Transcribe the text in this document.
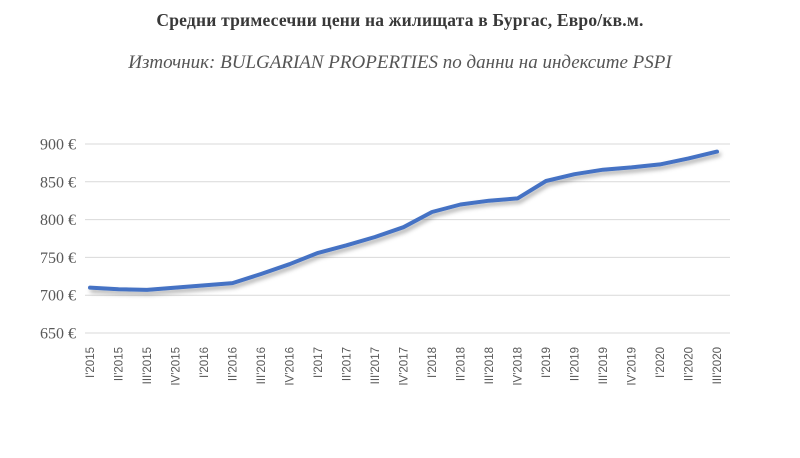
Средни тримесечни цени на жилищата в Бургас, Евро/кв.м.
Източник: BULGARIAN PROPERTIES по данни на индексите PSPI
900 €
850 €
800 €
750 €
700 €
650 €
I'2015 II'2015 III'2015 IV'2015 I'2016 II'2016 III'2016 IV'2016 I'2017 II'2017 III'2017 IV'2017 I'2018 II'2018 III'2018 IV'2018 I'2019 II'2019 III'2019 IV'2019 I'2020 II'2020 III'2020
